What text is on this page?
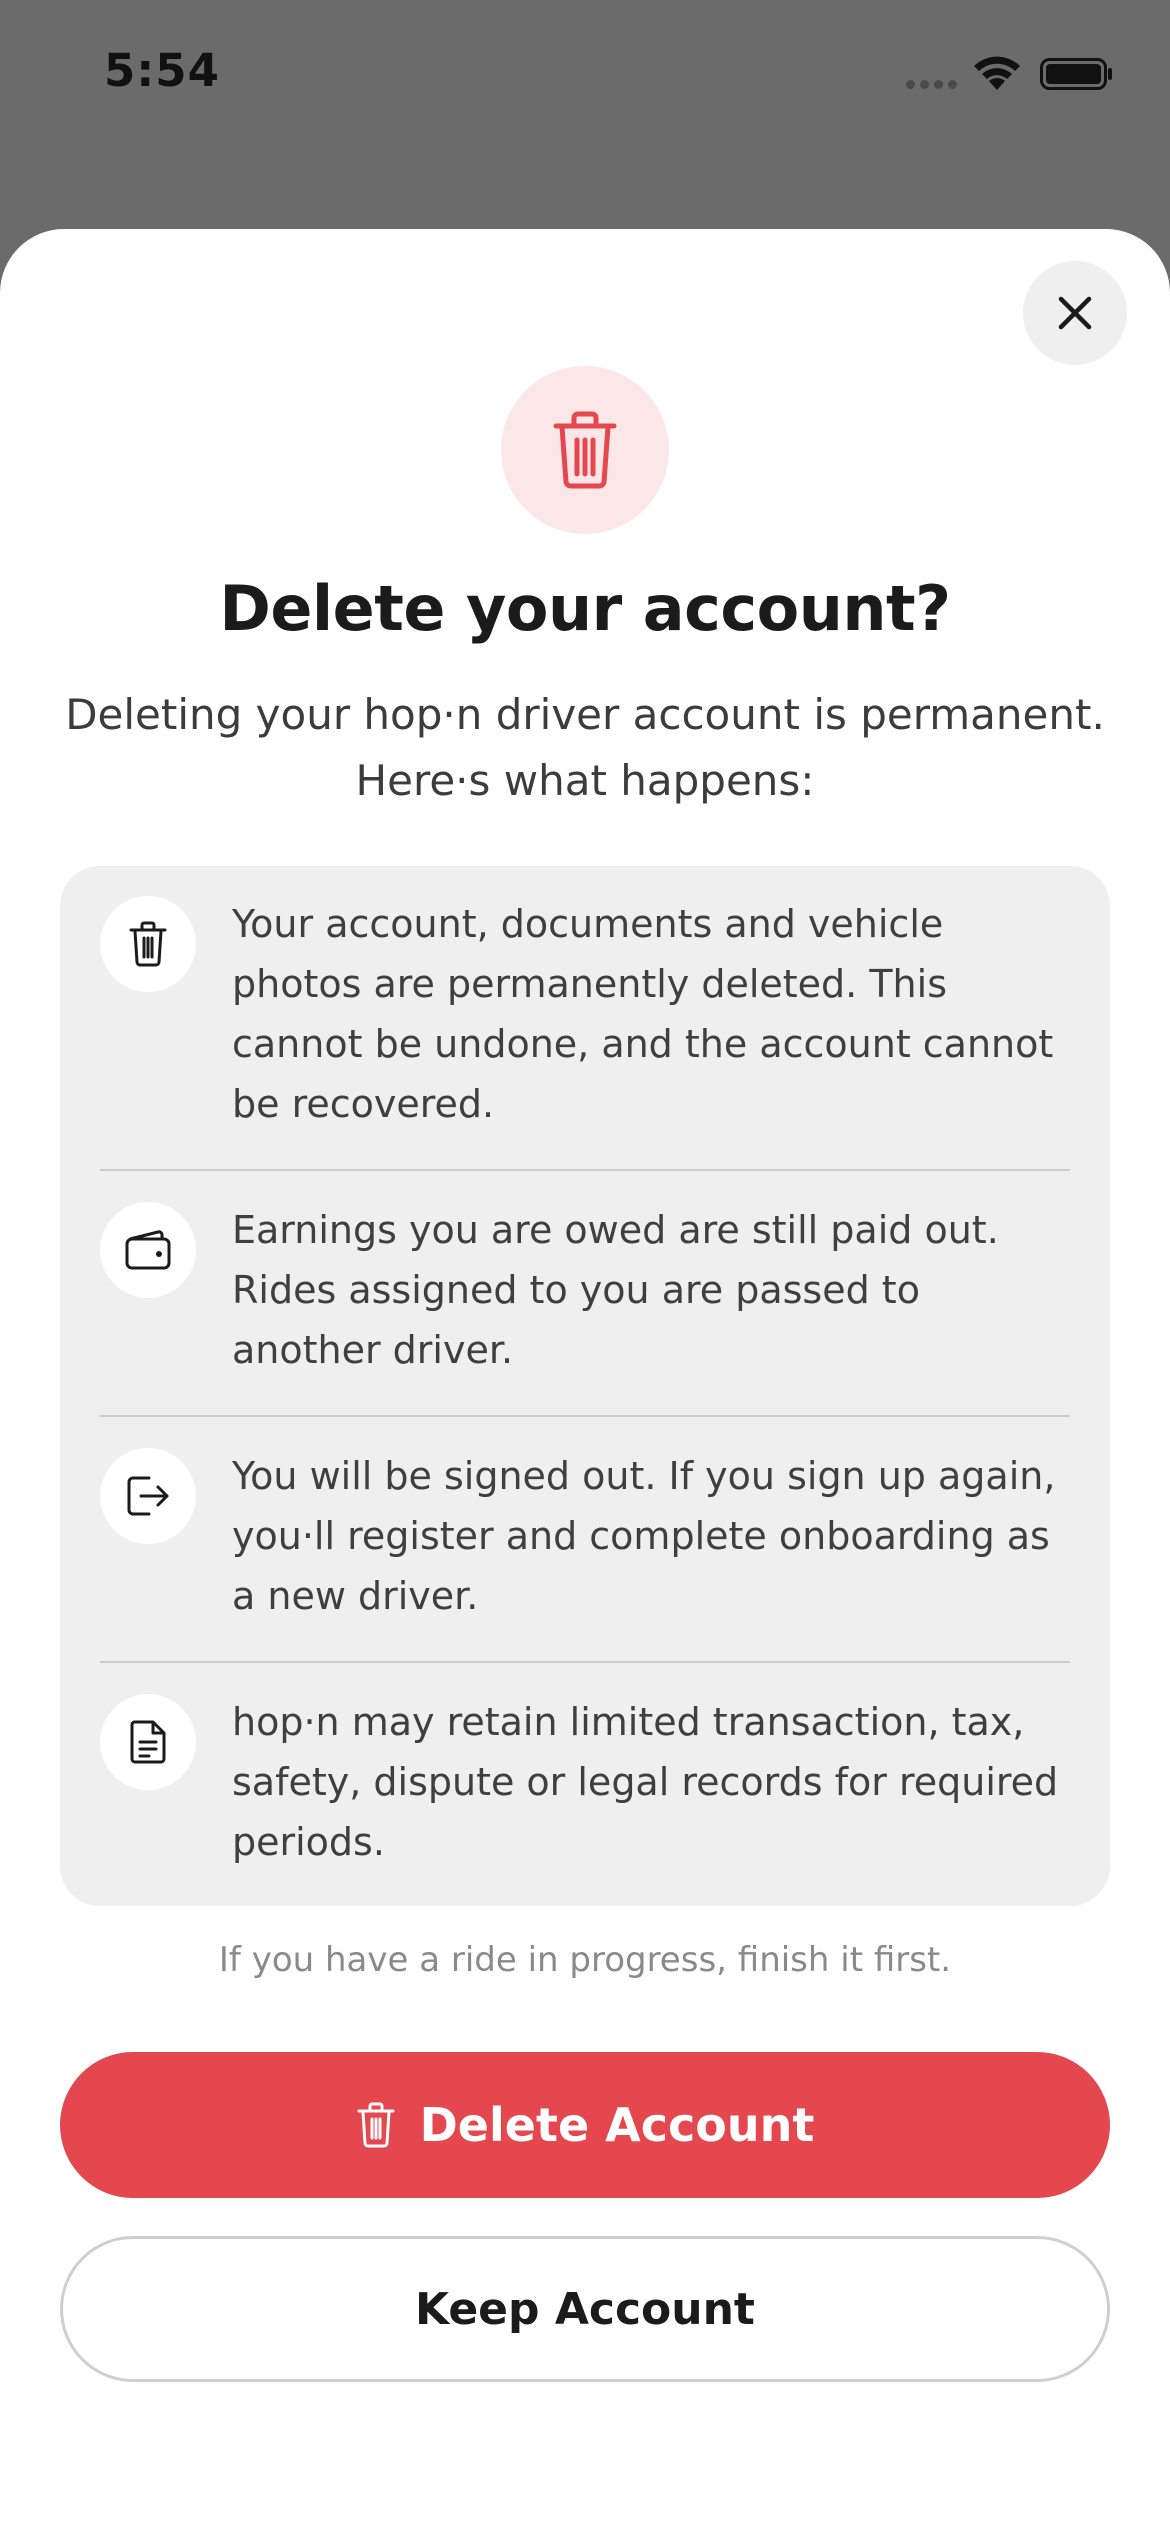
5:54
Delete your account?
Deleting your hop·n driver account is permanent. Here·s what happens:
Your account, documents and vehicle photos are permanently deleted. This cannot be undone, and the account cannot be recovered.
Earnings you are owed are still paid out. Rides assigned to you are passed to another driver.
You will be signed out. If you sign up again, you·ll register and complete onboarding as a new driver.
hop·n may retain limited transaction, tax, safety, dispute or legal records for required periods.
If you have a ride in progress, finish it first.
Delete Account
Keep Account
